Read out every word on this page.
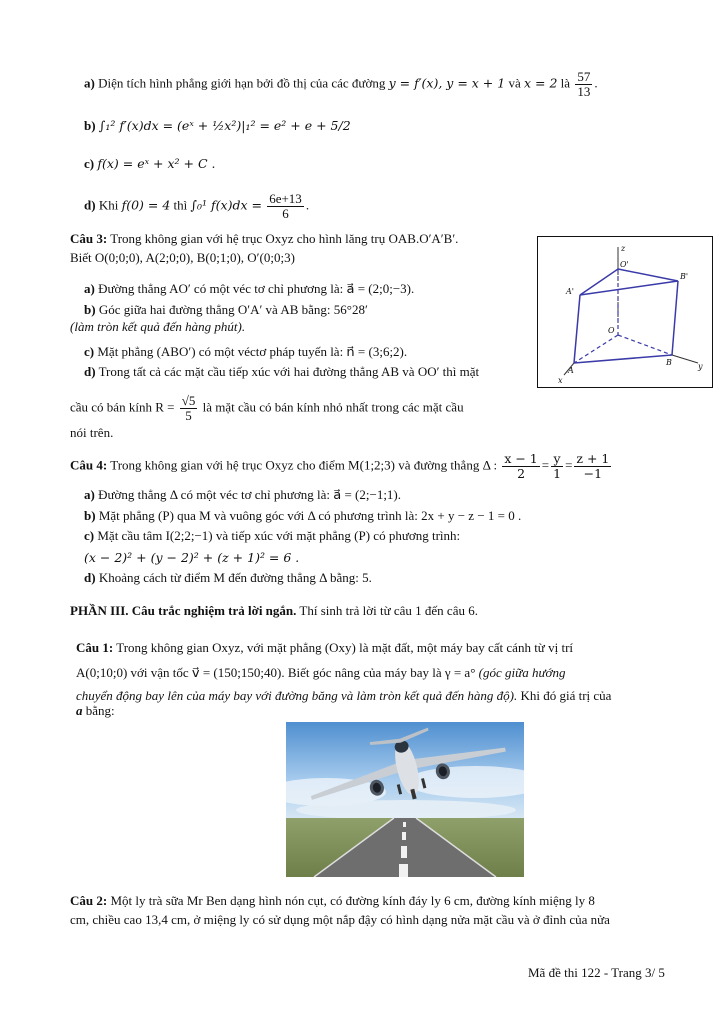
a) Diện tích hình phẳng giới hạn bởi đồ thị của các đường y = f′(x), y = x + 1 và x = 2 là $\frac{57}{13}$ .
b) ∫₁² f′(x)dx = (eˣ + ½x²)|₁² = e² + e + 5/2
c) f(x) = eˣ + x² + C .
d) Khi f(0) = 4 thì ∫₀¹ $f(x)dx = \frac{6e+13}{6}$ .
Câu 3: Trong không gian với hệ trục Oxyz cho hình lăng trụ OAB.O′A′B′.
Biết O(0;0;0), A(2;0;0), B(0;1;0), O′(0;0;3)
a) Đường thẳng AO′ có một véc tơ chỉ phương là: a⃗ = (2;0;−3).
b) Góc giữa hai đường thẳng O′A′ và AB bằng: 56°28′
(làm tròn kết quả đến hàng phút).
c) Mặt phẳng (ABO′) có một véctơ pháp tuyến là: n⃗ = (3;6;2).
d) Trong tất cả các mặt cầu tiếp xúc với hai đường thẳng AB và OO′ thì mặt
cầu có bán kính $R = \frac{√5}{5}$ là mặt cầu có bán kính nhỏ nhất trong các mặt cầu
nói trên.
z
O'
B'
A'
O
A
B	y
x
Câu 4: Trong không gian với hệ trục Oxyz cho điểm M(1;2;3) và đường thẳng Δ : $\frac{x - 1}{2} = \frac{y}{1} = \frac{z + 1}{-1}$
a) Đường thẳng Δ có một véc tơ chỉ phương là: a⃗ = (2;−1;1).
b) Mặt phẳng (P) qua M và vuông góc với Δ có phương trình là: 2x + y − z − 1 = 0 .
c) Mặt cầu tâm I(2;2;−1) và tiếp xúc với mặt phẳng (P) có phương trình:
(x − 2)² + (y − 2)² + (z + 1)² = 6 .
d) Khoảng cách từ điểm M đến đường thẳng Δ bằng: 5.
PHẦN III. Câu trắc nghiệm trả lời ngắn. Thí sinh trả lời từ câu 1 đến câu 6.
Câu 1: Trong không gian Oxyz, với mặt phẳng (Oxy) là mặt đất, một máy bay cất cánh từ vị trí
A(0;10;0) với vận tốc v⃗ = (150;150;40). Biết góc nâng của máy bay là γ = a° (góc giữa hướng
chuyển động bay lên của máy bay với đường băng và làm tròn kết quả đến hàng độ). Khi đó giá trị của
a bằng:
Câu 2: Một ly trà sữa Mr Ben dạng hình nón cụt, có đường kính đáy ly 6 cm, đường kính miệng ly 8
cm, chiều cao 13,4 cm, ở miệng ly có sử dụng một nắp đậy có hình dạng nửa mặt cầu và ở đỉnh của nửa
Mã đề thi 122 - Trang 3/ 5
